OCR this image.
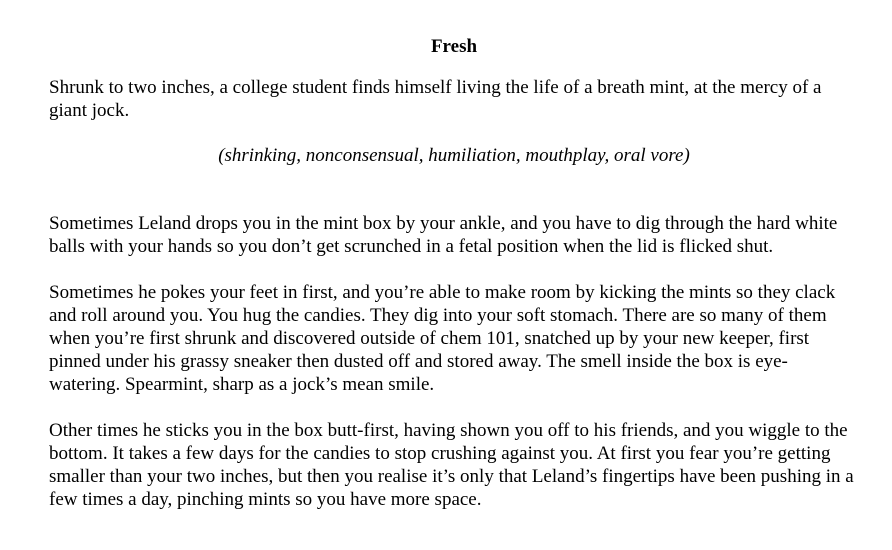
Fresh

Shrunk to two inches, a college student finds himself living the life of a breath mint, at the mercy of a giant jock.

(shrinking, nonconsensual, humiliation, mouthplay, oral vore)

Sometimes Leland drops you in the mint box by your ankle, and you have to dig through the hard white balls with your hands so you don’t get scrunched in a fetal position when the lid is flicked shut.

Sometimes he pokes your feet in first, and you’re able to make room by kicking the mints so they clack and roll around you. You hug the candies. They dig into your soft stomach. There are so many of them when you’re first shrunk and discovered outside of chem 101, snatched up by your new keeper, first pinned under his grassy sneaker then dusted off and stored away. The smell inside the box is eye-watering. Spearmint, sharp as a jock’s mean smile.

Other times he sticks you in the box butt-first, having shown you off to his friends, and you wiggle to the bottom. It takes a few days for the candies to stop crushing against you. At first you fear you’re getting smaller than your two inches, but then you realise it’s only that Leland’s fingertips have been pushing in a few times a day, pinching mints so you have more space.
